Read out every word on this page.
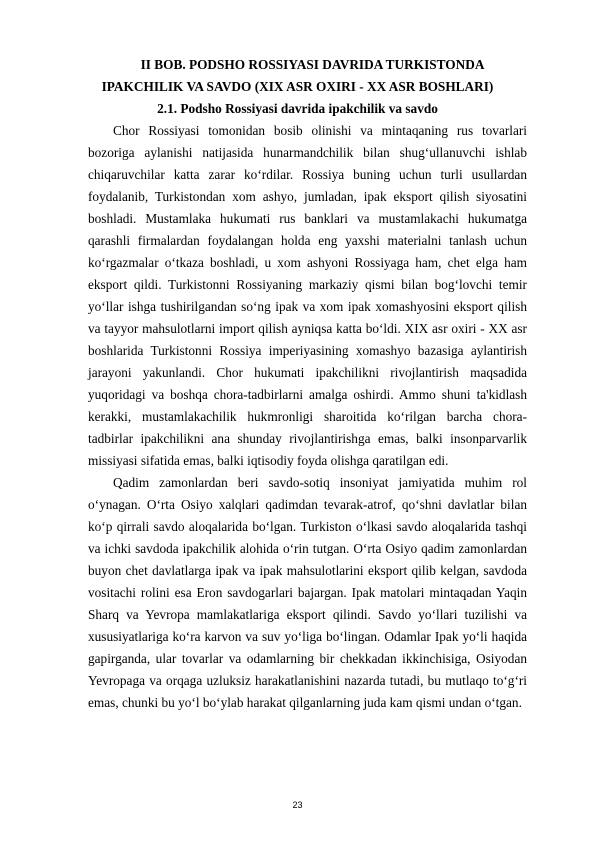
II BOB. PODSHO ROSSIYASI DAVRIDA TURKISTONDA
IPAKCHILIK VA SAVDO (XIX ASR OXIRI - XX ASR BOSHLARI)
2.1. Podsho Rossiyasi davrida ipakchilik va savdo

Chor Rossiyasi tomonidan bosib olinishi va mintaqaning rus tovarlari bozoriga aylanishi natijasida hunarmandchilik bilan shug‘ullanuvchi ishlab chiqaruvchilar katta zarar ko‘rdilar. Rossiya buning uchun turli usullardan foydalanib, Turkistondan xom ashyo, jumladan, ipak eksport qilish siyosatini boshladi. Mustamlaka hukumati rus banklari va mustamlakachi hukumatga qarashli firmalardan foydalangan holda eng yaxshi materialni tanlash uchun ko‘rgazmalar o‘tkaza boshladi, u xom ashyoni Rossiyaga ham, chet elga ham eksport qildi. Turkistonni Rossiyaning markaziy qismi bilan bog‘lovchi temir yo‘llar ishga tushirilgandan so‘ng ipak va xom ipak xomashyosini eksport qilish va tayyor mahsulotlarni import qilish ayniqsa katta bo‘ldi. XIX asr oxiri - XX asr boshlarida Turkistonni Rossiya imperiyasining xomashyo bazasiga aylantirish jarayoni yakunlandi. Chor hukumati ipakchilikni rivojlantirish maqsadida yuqoridagi va boshqa chora-tadbirlarni amalga oshirdi. Ammo shuni ta'kidlash kerakki, mustamlakachilik hukmronligi sharoitida ko‘rilgan barcha chora-tadbirlar ipakchilikni ana shunday rivojlantirishga emas, balki insonparvarlik missiyasi sifatida emas, balki iqtisodiy foyda olishga qaratilgan edi.

Qadim zamonlardan beri savdo-sotiq insoniyat jamiyatida muhim rol o‘ynagan. O‘rta Osiyo xalqlari qadimdan tevarak-atrof, qo‘shni davlatlar bilan ko‘p qirrali savdo aloqalarida bo‘lgan. Turkiston o‘lkasi savdo aloqalarida tashqi va ichki savdoda ipakchilik alohida o‘rin tutgan. O‘rta Osiyo qadim zamonlardan buyon chet davlatlarga ipak va ipak mahsulotlarini eksport qilib kelgan, savdoda vositachi rolini esa Eron savdogarlari bajargan. Ipak matolari mintaqadan Yaqin Sharq va Yevropa mamlakatlariga eksport qilindi. Savdo yo‘llari tuzilishi va xususiyatlariga ko‘ra karvon va suv yo‘liga bo‘lingan. Odamlar Ipak yo‘li haqida gapirganda, ular tovarlar va odamlarning bir chekkadan ikkinchisiga, Osiyodan Yevropaga va orqaga uzluksiz harakatlanishini nazarda tutadi, bu mutlaqo to‘g‘ri emas, chunki bu yo‘l bo‘ylab harakat qilganlarning juda kam qismi undan o‘tgan.

23
